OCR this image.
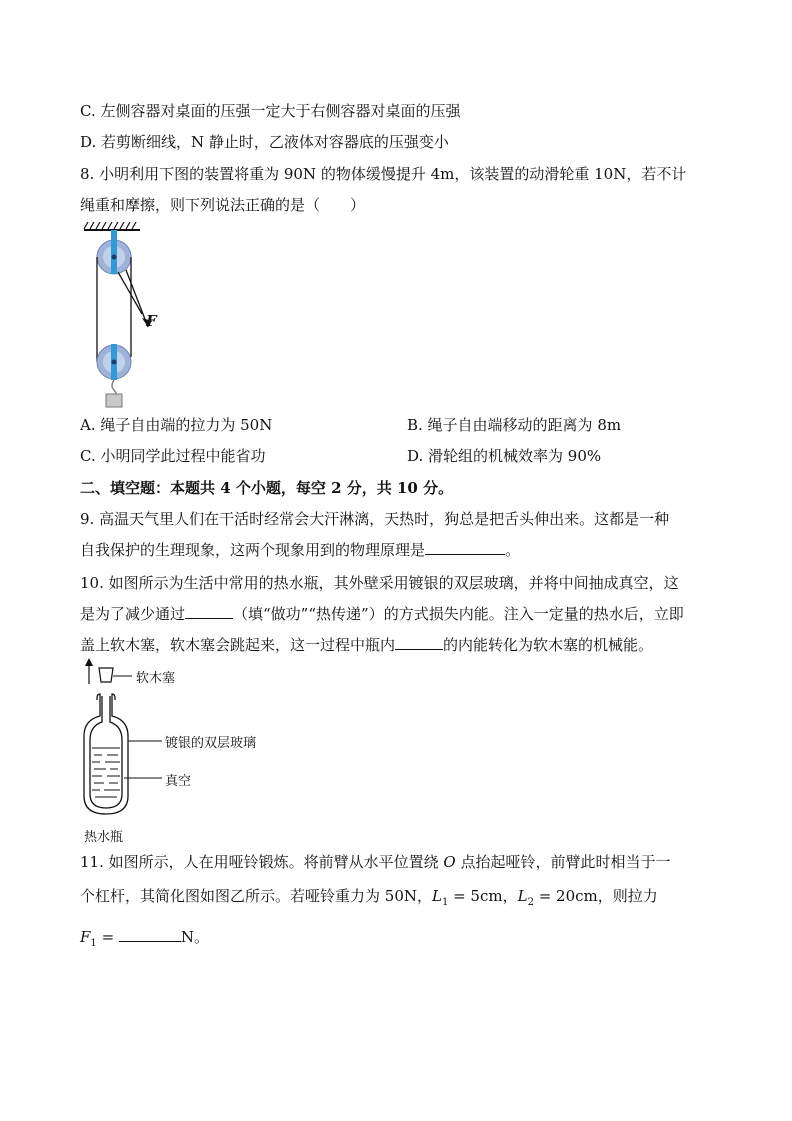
C. 左侧容器对桌面的压强一定大于右侧容器对桌面的压强
D. 若剪断细线，N 静止时，乙液体对容器底的压强变小
8. 小明利用下图的装置将重为 90N 的物体缓慢提升 4m，该装置的动滑轮重 10N，若不计
绳重和摩擦，则下列说法正确的是（　　）
F
A. 绳子自由端的拉力为 50N	B. 绳子自由端移动的距离为 8m
C. 小明同学此过程中能省功	D. 滑轮组的机械效率为 90%
二、填空题：本题共 4 个小题，每空 2 分，共 10 分。
9. 高温天气里人们在干活时经常会大汗淋漓，天热时，狗总是把舌头伸出来。这都是一种
自我保护的生理现象，这两个现象用到的物理原理是	。
10. 如图所示为生活中常用的热水瓶，其外壁采用镀银的双层玻璃，并将中间抽成真空，这
是为了减少通过	（填“做功”“热传递”）的方式损失内能。注入一定量的热水后，立即
盖上软木塞，软木塞会跳起来，这一过程中瓶内	的内能转化为软木塞的机械能。
软木塞
镀银的双层玻璃
真空
热水瓶
11. 如图所示，人在用哑铃锻炼。将前臂从水平位置绕 O 点抬起哑铃，前臂此时相当于一
个杠杆，其简化图如图乙所示。若哑铃重力为 50N，$L_1 = 5cm$，$L_2 = 20cm$，则拉力
$F_1$ =	N。
